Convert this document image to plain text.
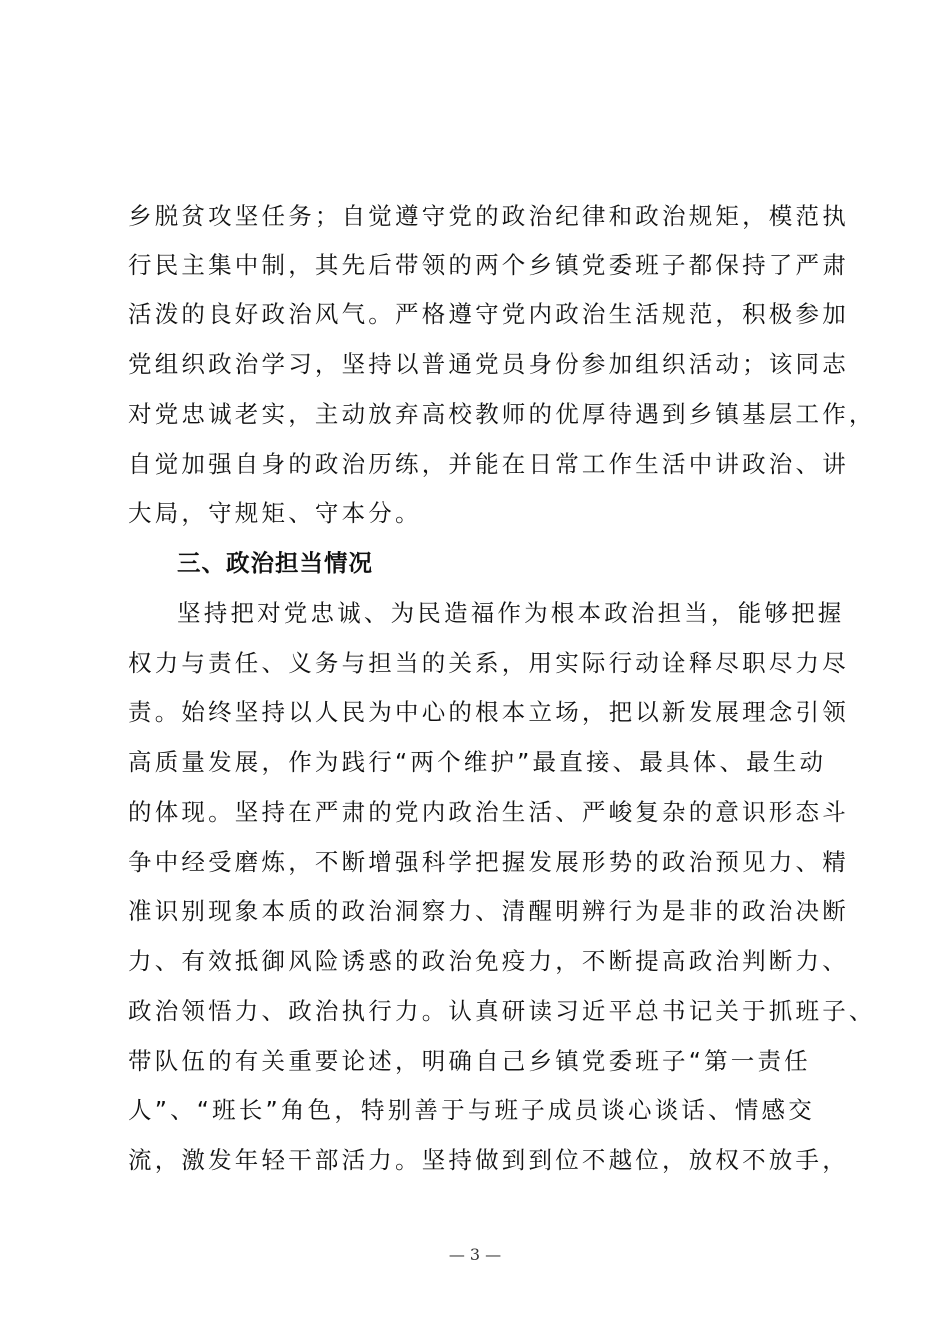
乡脱贫攻坚任务；自觉遵守党的政治纪律和政治规矩，模范执
行民主集中制，其先后带领的两个乡镇党委班子都保持了严肃
活泼的良好政治风气。严格遵守党内政治生活规范，积极参加
党组织政治学习，坚持以普通党员身份参加组织活动；该同志
对党忠诚老实，主动放弃高校教师的优厚待遇到乡镇基层工作，
自觉加强自身的政治历练，并能在日常工作生活中讲政治、讲
大局，守规矩、守本分。
三、政治担当情况
坚持把对党忠诚、为民造福作为根本政治担当，能够把握
权力与责任、义务与担当的关系，用实际行动诠释尽职尽力尽
责。始终坚持以人民为中心的根本立场，把以新发展理念引领
高质量发展，作为践行“两个维护”最直接、最具体、最生动
的体现。坚持在严肃的党内政治生活、严峻复杂的意识形态斗
争中经受磨炼，不断增强科学把握发展形势的政治预见力、精
准识别现象本质的政治洞察力、清醒明辨行为是非的政治决断
力、有效抵御风险诱惑的政治免疫力，不断提高政治判断力、
政治领悟力、政治执行力。认真研读习近平总书记关于抓班子、
带队伍的有关重要论述，明确自己乡镇党委班子“第一责任
人”、“班长”角色，特别善于与班子成员谈心谈话、情感交
流，激发年轻干部活力。坚持做到到位不越位，放权不放手，
— 3 —
